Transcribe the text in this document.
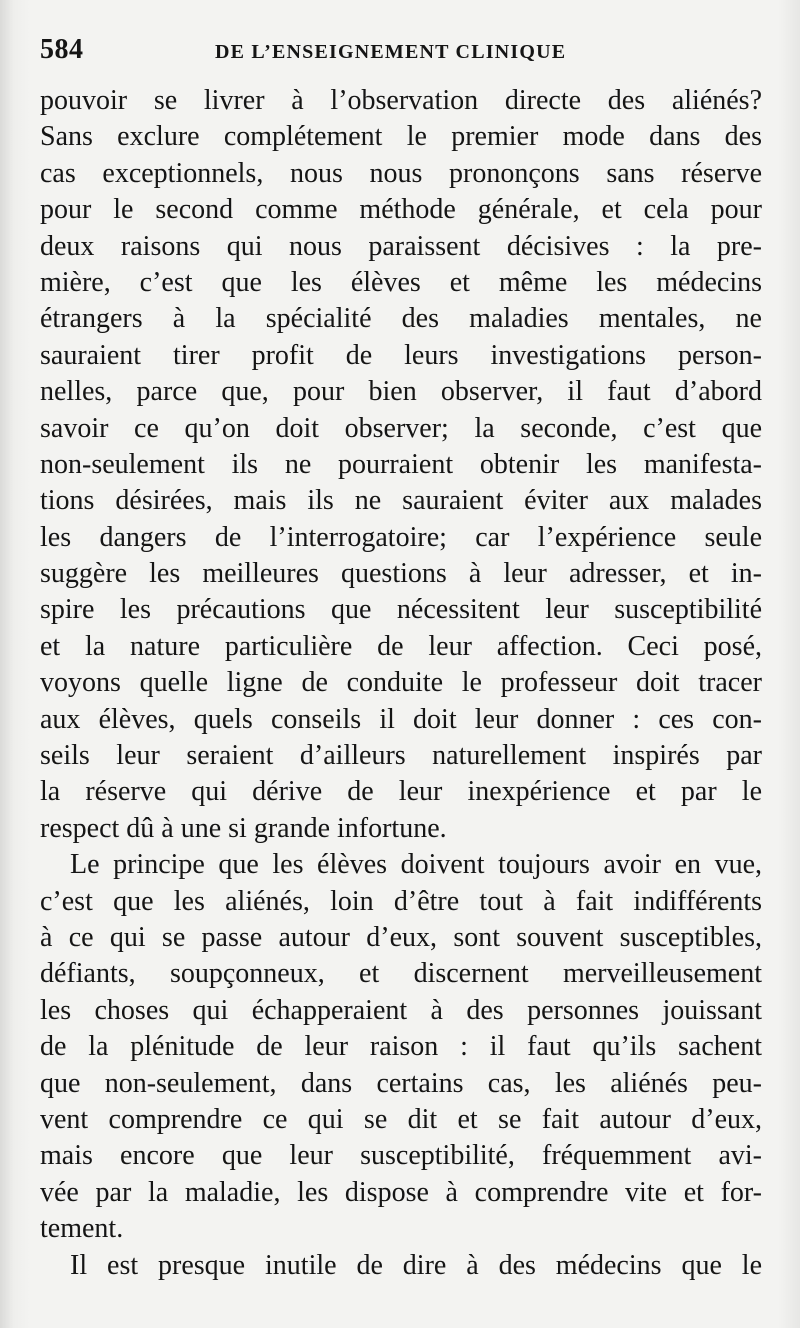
584	DE L’ENSEIGNEMENT CLINIQUE
pouvoir se livrer à l’observation directe des aliénés?
Sans exclure complétement le premier mode dans des
cas exceptionnels, nous nous prononçons sans réserve
pour le second comme méthode générale, et cela pour
deux raisons qui nous paraissent décisives : la pre-
mière, c’est que les élèves et même les médecins
étrangers à la spécialité des maladies mentales, ne
sauraient tirer profit de leurs investigations person-
nelles, parce que, pour bien observer, il faut d’abord
savoir ce qu’on doit observer; la seconde, c’est que
non-seulement ils ne pourraient obtenir les manifesta-
tions désirées, mais ils ne sauraient éviter aux malades
les dangers de l’interrogatoire; car l’expérience seule
suggère les meilleures questions à leur adresser, et in-
spire les précautions que nécessitent leur susceptibilité
et la nature particulière de leur affection. Ceci posé,
voyons quelle ligne de conduite le professeur doit tracer
aux élèves, quels conseils il doit leur donner : ces con-
seils leur seraient d’ailleurs naturellement inspirés par
la réserve qui dérive de leur inexpérience et par le
respect dû à une si grande infortune.
Le principe que les élèves doivent toujours avoir en vue,
c’est que les aliénés, loin d’être tout à fait indifférents
à ce qui se passe autour d’eux, sont souvent susceptibles,
défiants, soupçonneux, et discernent merveilleusement
les choses qui échapperaient à des personnes jouissant
de la plénitude de leur raison : il faut qu’ils sachent
que non-seulement, dans certains cas, les aliénés peu-
vent comprendre ce qui se dit et se fait autour d’eux,
mais encore que leur susceptibilité, fréquemment avi-
vée par la maladie, les dispose à comprendre vite et for-
tement.
Il est presque inutile de dire à des médecins que le
